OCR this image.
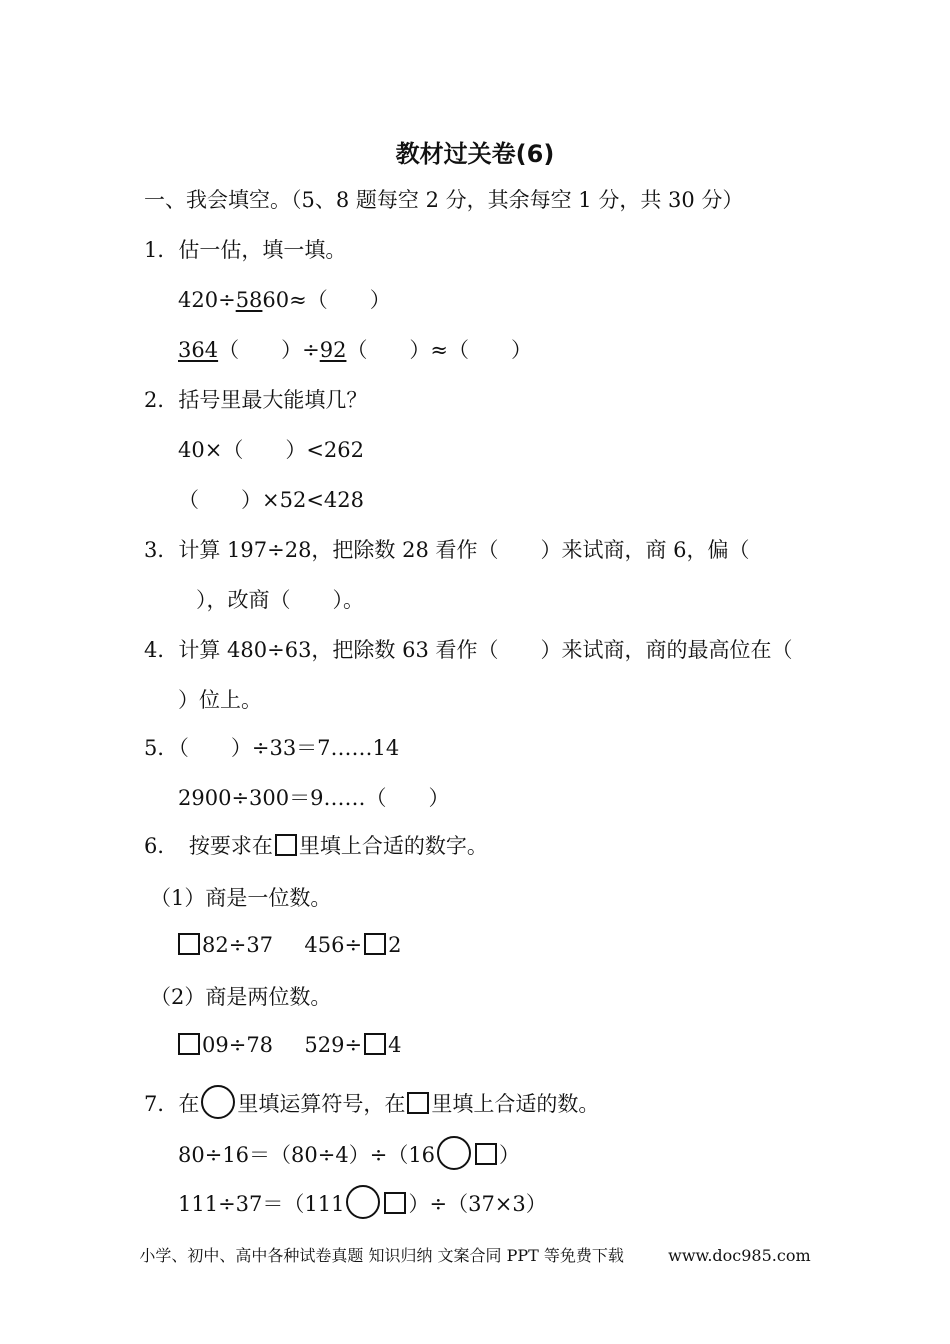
教材过关卷(6)
一、我会填空。（5、8 题每空 2 分，其余每空 1 分，共 30 分）
1．估一估，填一填。
420÷5860≈（　　）
364（　　）÷92（　　）≈（　　）
2．括号里最大能填几？
40×（　　）<262
（　　）×52<428
3．计算 197÷28，把除数 28 看作（　　）来试商，商 6，偏（
），改商（　　）。
4．计算 480÷63，把除数 63 看作（　　）来试商，商的最高位在（
）位上。
5．（　　）÷33＝7……14
2900÷300＝9……（　　）
6．　按要求在 里填上合适的数字。
（1）商是一位数。
82÷37 456÷ 2
（2）商是两位数。
09÷78 529÷ 4
7．在 里填运算符号，在 里填上合适的数。
80÷16＝（80÷4）÷（16	）
111÷37＝（111	）÷（37×3）
小学、初中、高中各种试卷真题 知识归纳 文案合同 PPT 等免费下载	www.doc985.com
